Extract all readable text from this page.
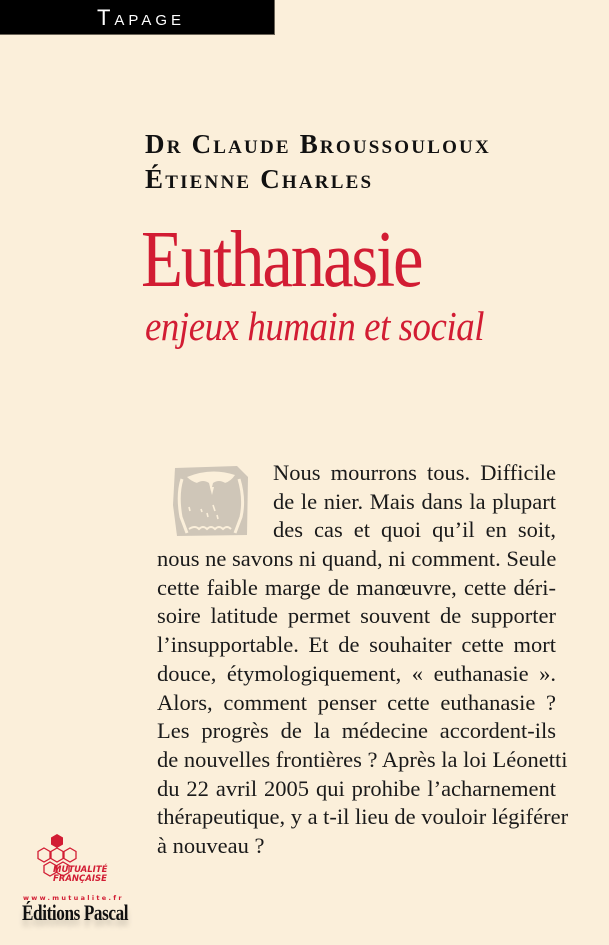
Tapage
Dr Claude Broussouloux
Étienne Charles
Euthanasie
enjeux humain et social
Nous mourrons tous. Difficile
de le nier. Mais dans la plupart
des cas et quoi qu’il en soit,
nous ne savons ni quand, ni comment. Seule
cette faible marge de manœuvre, cette déri-
soire latitude permet souvent de supporter
l’insupportable. Et de souhaiter cette mort
douce, étymologiquement, « euthanasie ».
Alors, comment penser cette euthanasie ?
Les progrès de la médecine accordent-ils
de nouvelles frontières ? Après la loi Léonetti
du 22 avril 2005 qui prohibe l’acharnement
thérapeutique, y a t-il lieu de vouloir légiférer
à nouveau ?
MUTUALITÉ
FRANÇAISE
www.mutualite.fr
Éditions Pascal
